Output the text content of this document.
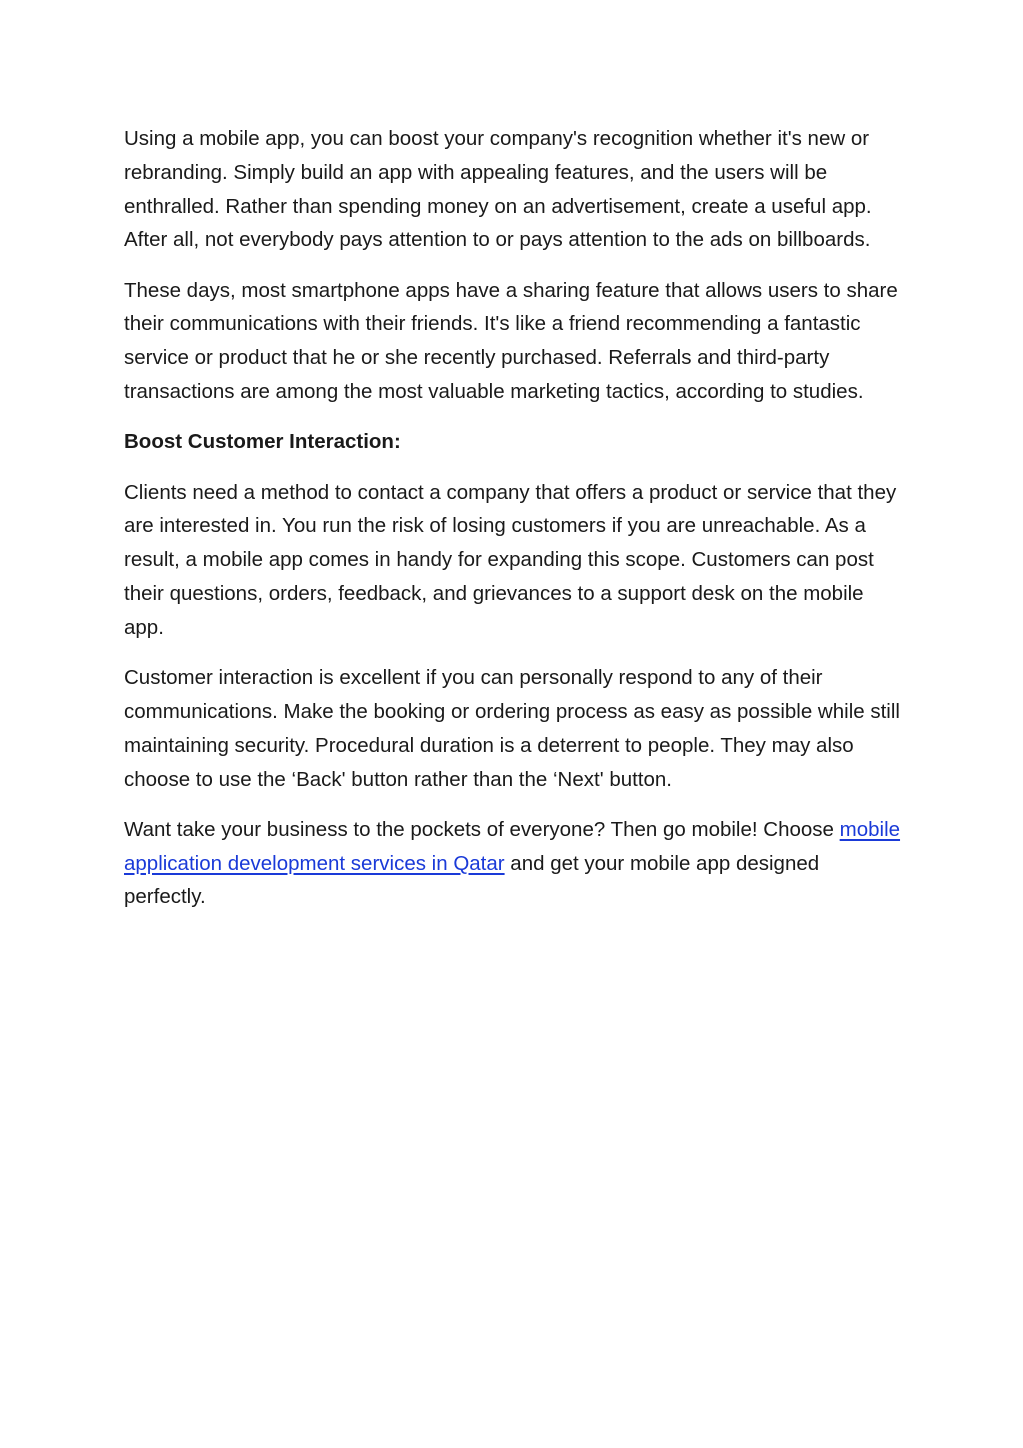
Using a mobile app, you can boost your company's recognition whether it's new or rebranding. Simply build an app with appealing features, and the users will be enthralled. Rather than spending money on an advertisement, create a useful app. After all, not everybody pays attention to or pays attention to the ads on billboards.

These days, most smartphone apps have a sharing feature that allows users to share their communications with their friends. It's like a friend recommending a fantastic service or product that he or she recently purchased. Referrals and third-party transactions are among the most valuable marketing tactics, according to studies.

Boost Customer Interaction:

Clients need a method to contact a company that offers a product or service that they are interested in. You run the risk of losing customers if you are unreachable. As a result, a mobile app comes in handy for expanding this scope. Customers can post their questions, orders, feedback, and grievances to a support desk on the mobile app.

Customer interaction is excellent if you can personally respond to any of their communications. Make the booking or ordering process as easy as possible while still maintaining security. Procedural duration is a deterrent to people. They may also choose to use the ‘Back' button rather than the ‘Next' button.

Want take your business to the pockets of everyone? Then go mobile! Choose mobile application development services in Qatar and get your mobile app designed perfectly.
